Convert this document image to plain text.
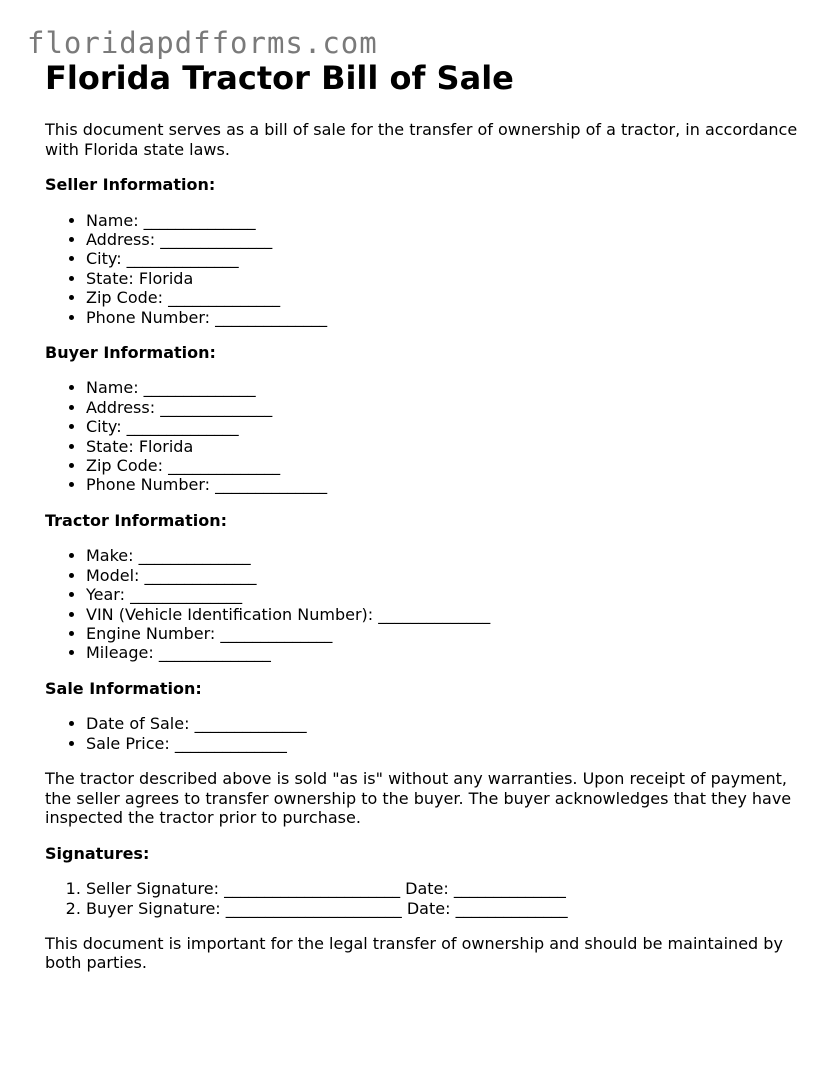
floridapdfforms.com
Florida Tractor Bill of Sale

This document serves as a bill of sale for the transfer of ownership of a tractor, in accordance with Florida state laws.

Seller Information:
• Name: ______________
• Address: ______________
• City: ______________
• State: Florida
• Zip Code: ______________
• Phone Number: ______________
Buyer Information:
• Name: ______________
• Address: ______________
• City: ______________
• State: Florida
• Zip Code: ______________
• Phone Number: ______________
Tractor Information:
• Make: ______________
• Model: ______________
• Year: ______________
• VIN (Vehicle Identification Number): ______________
• Engine Number: ______________
• Mileage: ______________
Sale Information:
• Date of Sale: ______________
• Sale Price: ______________

The tractor described above is sold "as is" without any warranties. Upon receipt of payment, the seller agrees to transfer ownership to the buyer. The buyer acknowledges that they have inspected the tractor prior to purchase.

Signatures:
1. Seller Signature: ______________________ Date: ______________
2. Buyer Signature: ______________________ Date: ______________

This document is important for the legal transfer of ownership and should be maintained by both parties.
